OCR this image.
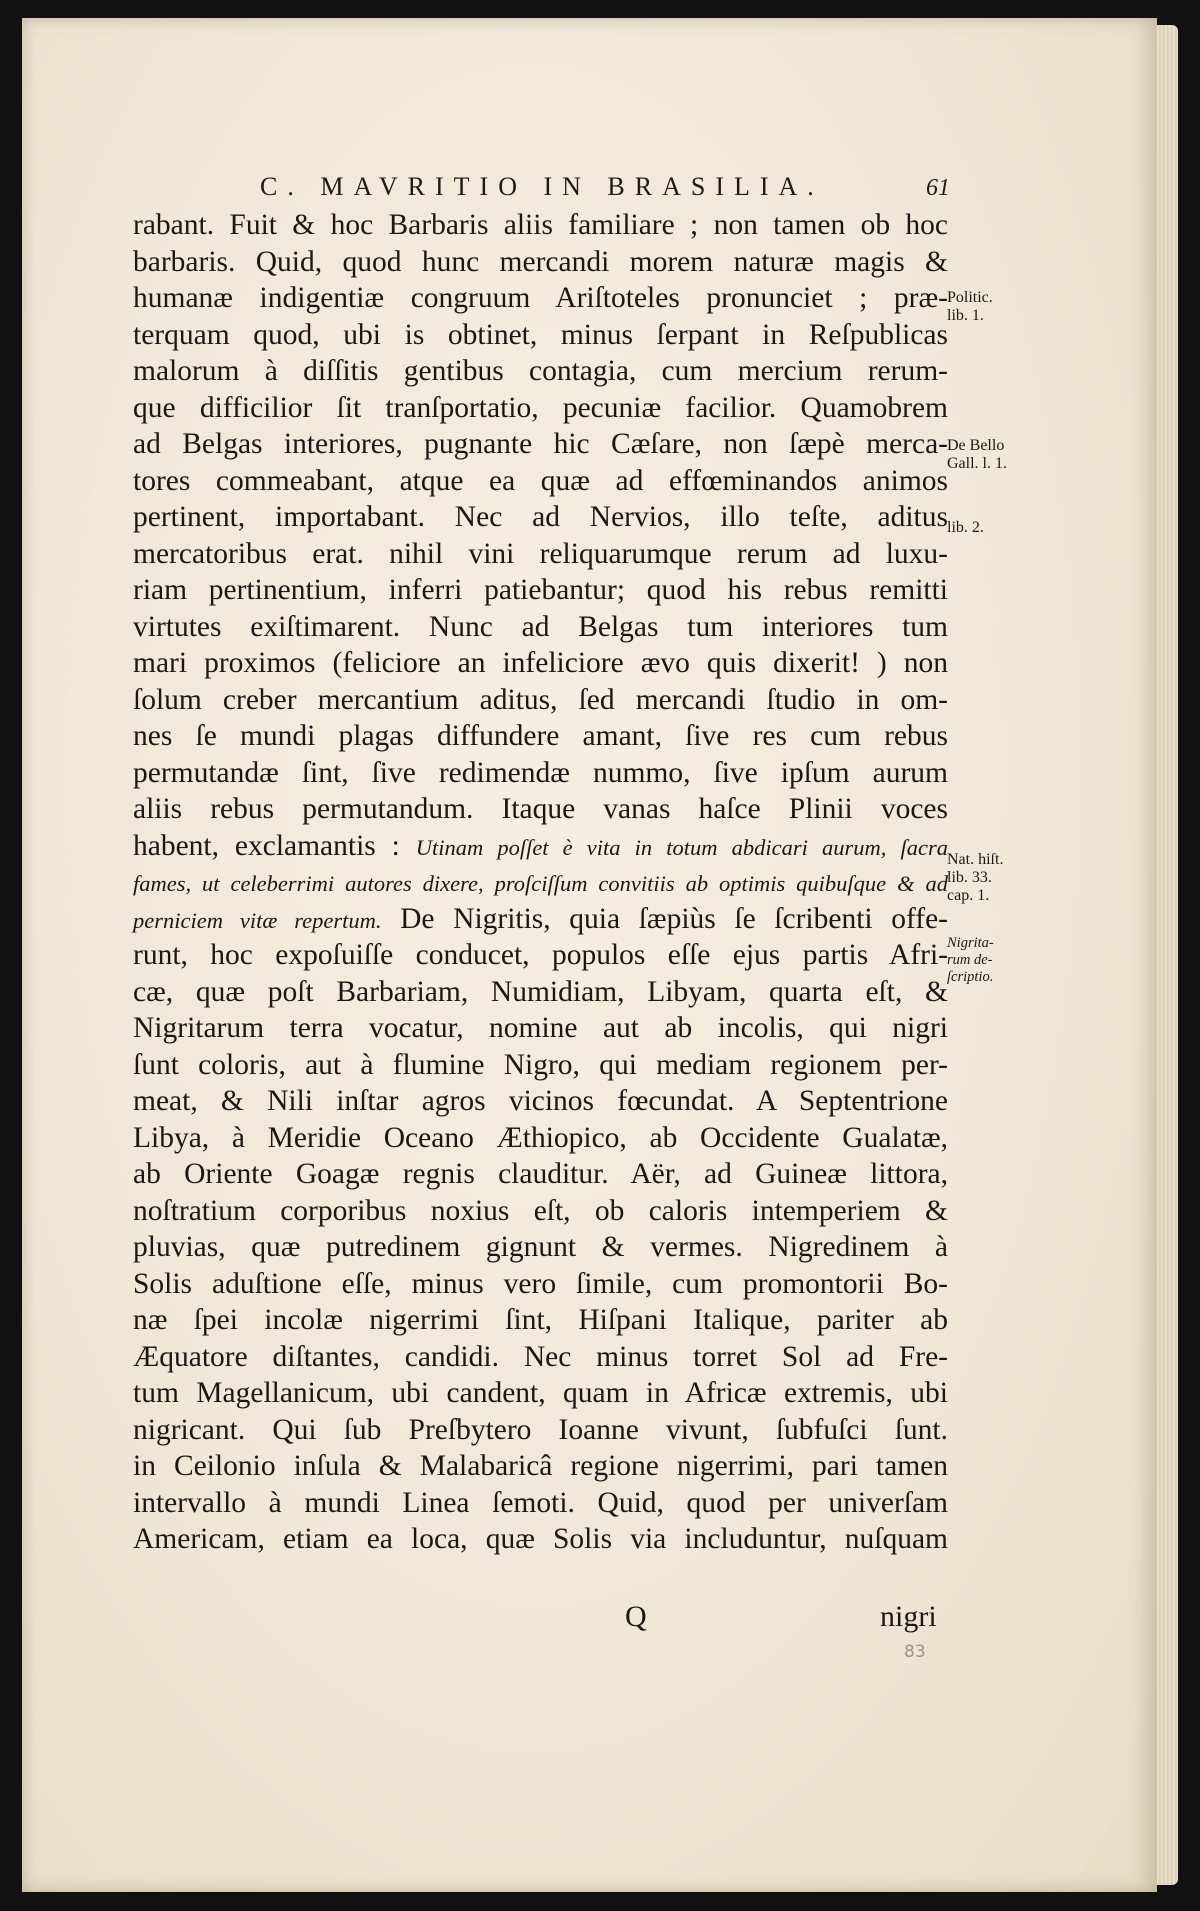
C. MAVRITIO IN BRASILIA.	61
rabant. Fuit & hoc Barbaris aliis familiare ; non tamen ob hoc
barbaris. Quid, quod hunc mercandi morem naturæ magis &
humanæ indigentiæ congruum Ariſtoteles pronunciet ; præ-
terquam quod, ubi is obtinet, minus ſerpant in Reſpublicas
malorum à diſſitis gentibus contagia, cum mercium rerum-
que difficilior ſit tranſportatio, pecuniæ facilior. Quamobrem
ad Belgas interiores, pugnante hic Cæſare, non ſæpè merca-
tores commeabant, atque ea quæ ad effœminandos animos
pertinent, importabant. Nec ad Nervios, illo teſte, aditus
mercatoribus erat. nihil vini reliquarumque rerum ad luxu-
riam pertinentium, inferri patiebantur; quod his rebus remitti
virtutes exiſtimarent. Nunc ad Belgas tum interiores tum
mari proximos (feliciore an infeliciore ævo quis dixerit! ) non
ſolum creber mercantium aditus, ſed mercandi ſtudio in om-
nes ſe mundi plagas diffundere amant, ſive res cum rebus
permutandæ ſint, ſive redimendæ nummo, ſive ipſum aurum
aliis rebus permutandum. Itaque vanas haſce Plinii voces
habent, exclamantis : Utinam poſſet è vita in totum abdicari aurum, ſacra
fames, ut celeberrimi autores dixere, proſciſſum convitiis ab optimis quibuſque & ad
perniciem vitæ repertum. De Nigritis, quia ſæpiùs ſe ſcribenti offe-
runt, hoc expoſuiſſe conducet, populos eſſe ejus partis Afri-
cæ, quæ poſt Barbariam, Numidiam, Libyam, quarta eſt, &
Nigritarum terra vocatur, nomine aut ab incolis, qui nigri
ſunt coloris, aut à flumine Nigro, qui mediam regionem per-
meat, & Nili inſtar agros vicinos fœcundat. A Septentrione
Libya, à Meridie Oceano Æthiopico, ab Occidente Gualatæ,
ab Oriente Goagæ regnis clauditur. Aër, ad Guineæ littora,
noſtratium corporibus noxius eſt, ob caloris intemperiem &
pluvias, quæ putredinem gignunt & vermes. Nigredinem à
Solis aduſtione eſſe, minus vero ſimile, cum promontorii Bo-
næ ſpei incolæ nigerrimi ſint, Hiſpani Italique, pariter ab
Æquatore diſtantes, candidi. Nec minus torret Sol ad Fre-
tum Magellanicum, ubi candent, quam in Africæ extremis, ubi
nigricant. Qui ſub Preſbytero Ioanne vivunt, ſubfuſci ſunt.
in Ceilonio inſula & Malabaricâ regione nigerrimi, pari tamen
intervallo à mundi Linea ſemoti. Quid, quod per univerſam
Americam, etiam ea loca, quæ Solis via includuntur, nuſquam
Politic.
lib. 1.
De Bello
Gall. l. 1.
lib. 2.
Nat. hiſt.
lib. 33.
cap. 1.
Nigrita-
rum de-
ſcriptio.
Q	nigri
83
